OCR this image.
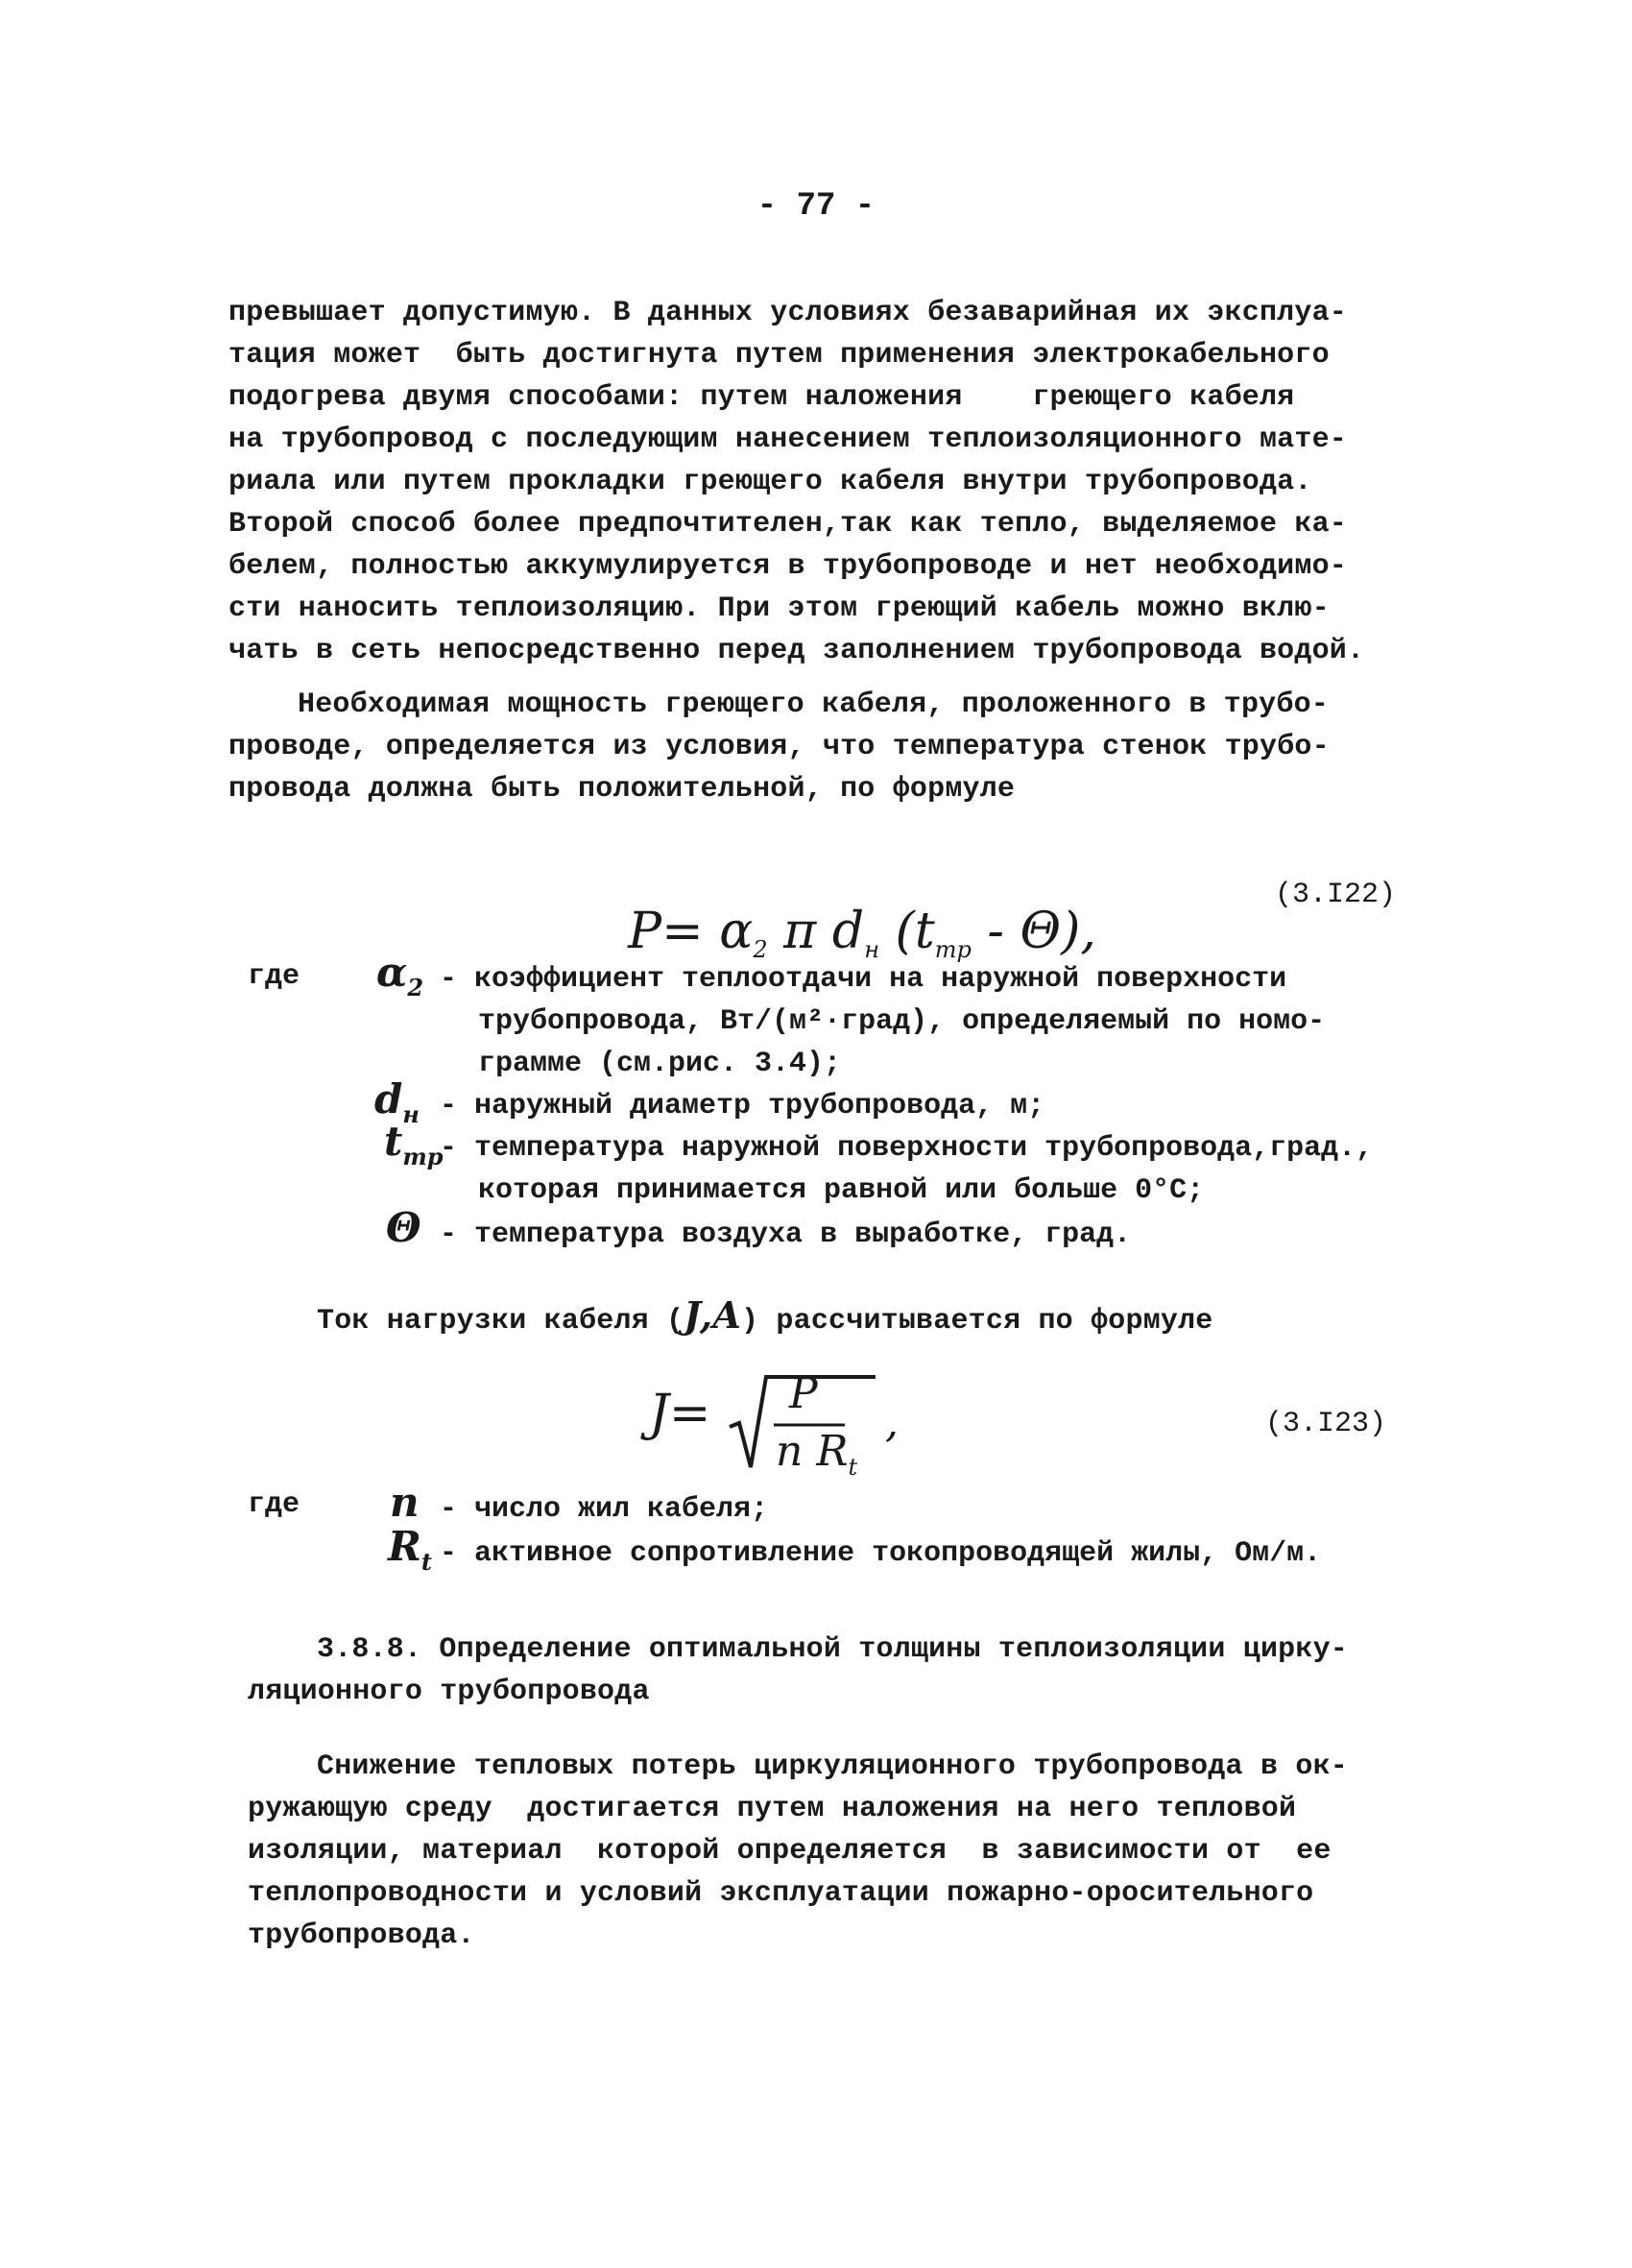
- 77 -
превышает допустимую. В данных условиях безаварийная их эксплуа-
тация может  быть достигнута путем применения электрокабельного
подогрева двумя способами: путем наложения    греющего кабеля
на трубопровод с последующим нанесением теплоизоляционного мате-
риала или путем прокладки греющего кабеля внутри трубопровода.
Второй способ более предпочтителен,так как тепло, выделяемое ка-
белем, полностью аккумулируется в трубопроводе и нет необходимо-
сти наносить теплоизоляцию. При этом греющий кабель можно вклю-
чать в сеть непосредственно перед заполнением трубопровода водой.
Необходимая мощность греющего кабеля, проложенного в трубо-
проводе, определяется из условия, что температура стенок трубо-
провода должна быть положительной, по формуле

$P= \alpha_2$ π $d_н$ $(t_{тр} - \Theta)$,

(3.I22)
где $\alpha_2$ - коэффициент теплоотдачи на наружной поверхности
трубопровода, Вт/(м²·град), определяемый по номо-
грамме (см.рис. 3.4);
$d_н$ - наружный диаметр трубопровода, м;
$t_{тр}$
- температура наружной поверхности трубопровода,град.,
которая принимается равной или больше 0°С;
Θ - температура воздуха в выработке, град.
Ток нагрузки кабеля (J,A) рассчитывается по формуле
J= P
n $R_t$
,	(3.I23)
где n - число жил кабеля;
$R_t$ - активное сопротивление токопроводящей жилы, Ом/м.
3.8.8. Определение оптимальной толщины теплоизоляции цирку-
ляционного трубопровода
Снижение тепловых потерь циркуляционного трубопровода в ок-
ружающую среду  достигается путем наложения на него тепловой
изоляции, материал  которой определяется  в зависимости от  ее
теплопроводности и условий эксплуатации пожарно-оросительного
трубопровода.
